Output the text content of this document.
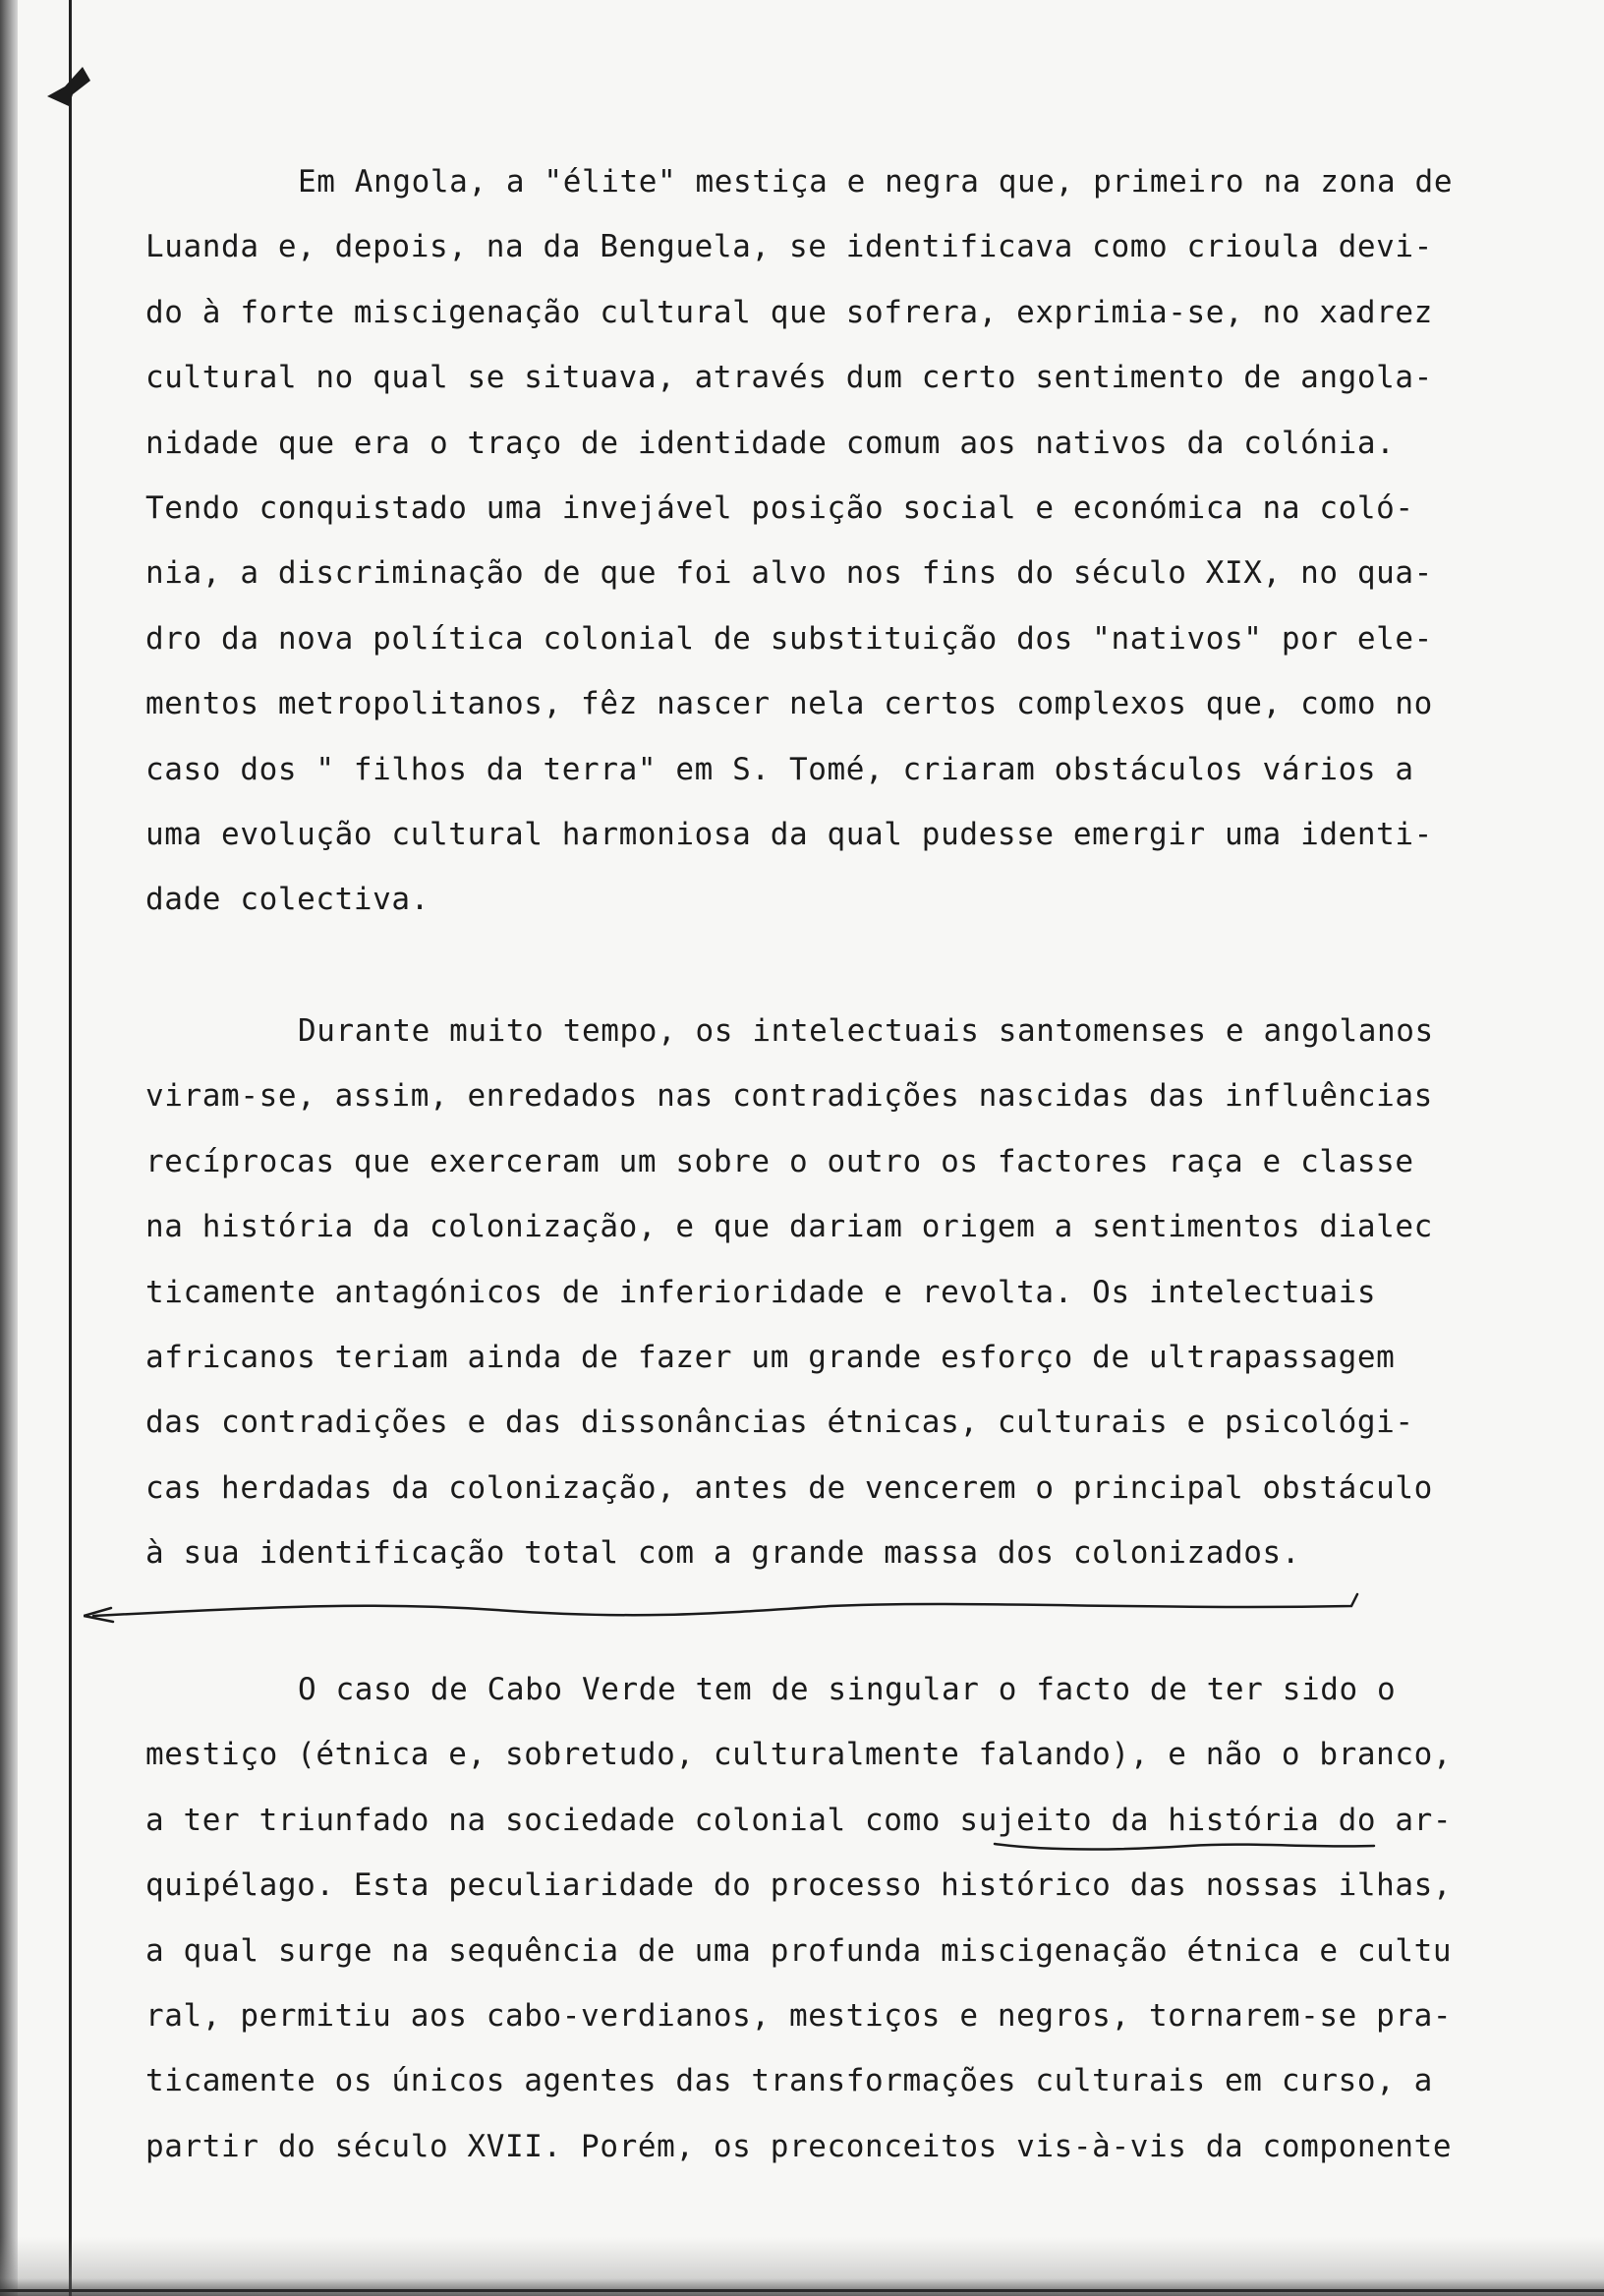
Em Angola, a "élite" mestiça e negra que, primeiro na zona de
Luanda e, depois, na da Benguela, se identificava como crioula devi-
do à forte miscigenação cultural que sofrera, exprimia-se, no xadrez
cultural no qual se situava, através dum certo sentimento de angola-
nidade que era o traço de identidade comum aos nativos da colónia.
Tendo conquistado uma invejável posição social e económica na coló-
nia, a discriminação de que foi alvo nos fins do século XIX, no qua-
dro da nova política colonial de substituição dos "nativos" por ele-
mentos metropolitanos, fêz nascer nela certos complexos que, como no
caso dos " filhos da terra" em S. Tomé, criaram obstáculos vários a
uma evolução cultural harmoniosa da qual pudesse emergir uma identi-
dade colectiva.
Durante muito tempo, os intelectuais santomenses e angolanos
viram-se, assim, enredados nas contradições nascidas das influências
recíprocas que exerceram um sobre o outro os factores raça e classe
na história da colonização, e que dariam origem a sentimentos dialec
ticamente antagónicos de inferioridade e revolta. Os intelectuais
africanos teriam ainda de fazer um grande esforço de ultrapassagem
das contradições e das dissonâncias étnicas, culturais e psicológi-
cas herdadas da colonização, antes de vencerem o principal obstáculo
à sua identificação total com a grande massa dos colonizados.
O caso de Cabo Verde tem de singular o facto de ter sido o
mestiço (étnica e, sobretudo, culturalmente falando), e não o branco,
a ter triunfado na sociedade colonial como sujeito da história do ar-
quipélago. Esta peculiaridade do processo histórico das nossas ilhas,
a qual surge na sequência de uma profunda miscigenação étnica e cultu
ral, permitiu aos cabo-verdianos, mestiços e negros, tornarem-se pra-
ticamente os únicos agentes das transformações culturais em curso, a
partir do século XVII. Porém, os preconceitos vis-à-vis da componente
